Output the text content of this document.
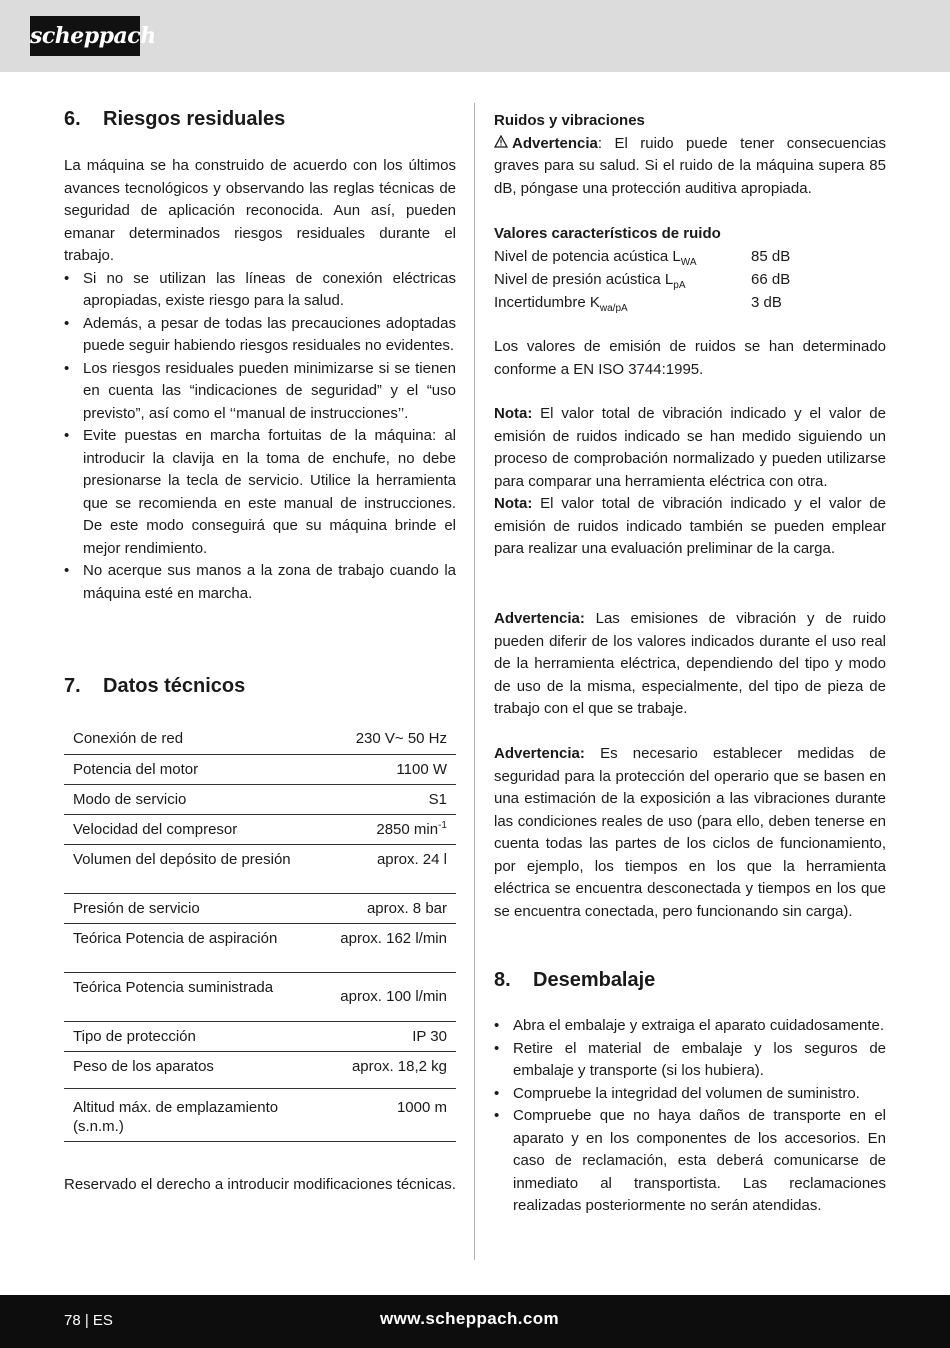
scheppach
6. Riesgos residuales

La máquina se ha construido de acuerdo con los últimos avances tecnológicos y observando las reglas técnicas de seguridad de aplicación reconocida. Aun así, pueden emanar determinados riesgos residuales durante el trabajo.

• Si no se utilizan las líneas de conexión eléctricas apropiadas, existe riesgo para la salud.
• Además, a pesar de todas las precauciones adoptadas puede seguir habiendo riesgos residuales no evidentes.
• Los riesgos residuales pueden minimizarse si se tienen en cuenta las “indicaciones de seguridad” y el “uso previsto”, así como el ‘‘manual de instrucciones’’.
• Evite puestas en marcha fortuitas de la máquina: al introducir la clavija en la toma de enchufe, no debe presionarse la tecla de servicio. Utilice la herramienta que se recomienda en este manual de instrucciones. De este modo conseguirá que su máquina brinde el mejor rendimiento.
• No acerque sus manos a la zona de trabajo cuando la máquina esté en marcha.
7. Datos técnicos
Conexión de red	230 V~ 50 Hz
Potencia del motor	1100 W
Modo de servicio	S1
Velocidad del compresor	2850 $\min^{-1}$
Volumen del depósito de presión	aprox. 24 l
Presión de servicio	aprox. 8 bar
Teórica Potencia de aspiración	aprox. 162 l/min
Teórica Potencia suministrada	aprox. 100 l/min
Tipo de protección	IP 30
Peso de los aparatos	aprox. 18,2 kg
Altitud máx. de emplazamiento (s.n.m.)	1000 m

Reservado el derecho a introducir modificaciones técnicas.

Ruidos y vibraciones

Advertencia: El ruido puede tener consecuencias graves para su salud. Si el ruido de la máquina supera 85 dB, póngase una protección auditiva apropiada.

Valores característicos de ruido

Nivel de potencia acústica $L_{WA}$	85 dB
Nivel de presión acústica $L_{pA}$	66 dB
Incertidumbre $K_{wa/pA}$	3 dB

Los valores de emisión de ruidos se han determinado conforme a EN ISO 3744:1995.

Nota: El valor total de vibración indicado y el valor de emisión de ruidos indicado se han medido siguiendo un proceso de comprobación normalizado y pueden utilizarse para comparar una herramienta eléctrica con otra.

Nota: El valor total de vibración indicado y el valor de emisión de ruidos indicado también se pueden emplear para realizar una evaluación preliminar de la carga.

Advertencia: Las emisiones de vibración y de ruido pueden diferir de los valores indicados durante el uso real de la herramienta eléctrica, dependiendo del tipo y modo de uso de la misma, especialmente, del tipo de pieza de trabajo con el que se trabaje.

Advertencia: Es necesario establecer medidas de seguridad para la protección del operario que se basen en una estimación de la exposición a las vibraciones durante las condiciones reales de uso (para ello, deben tenerse en cuenta todas las partes de los ciclos de funcionamiento, por ejemplo, los tiempos en los que la herramienta eléctrica se encuentra desconectada y tiempos en los que se encuentra conectada, pero funcionando sin carga).

8. Desembalaje
• Abra el embalaje y extraiga el aparato cuidadosamente.
• Retire el material de embalaje y los seguros de embalaje y transporte (si los hubiera).
• Compruebe la integridad del volumen de suministro.
• Compruebe que no haya daños de transporte en el aparato y en los componentes de los accesorios. En caso de reclamación, esta deberá comunicarse de inmediato al transportista. Las reclamaciones realizadas posteriormente no serán atendidas.
78 | ES	www.scheppach.com
